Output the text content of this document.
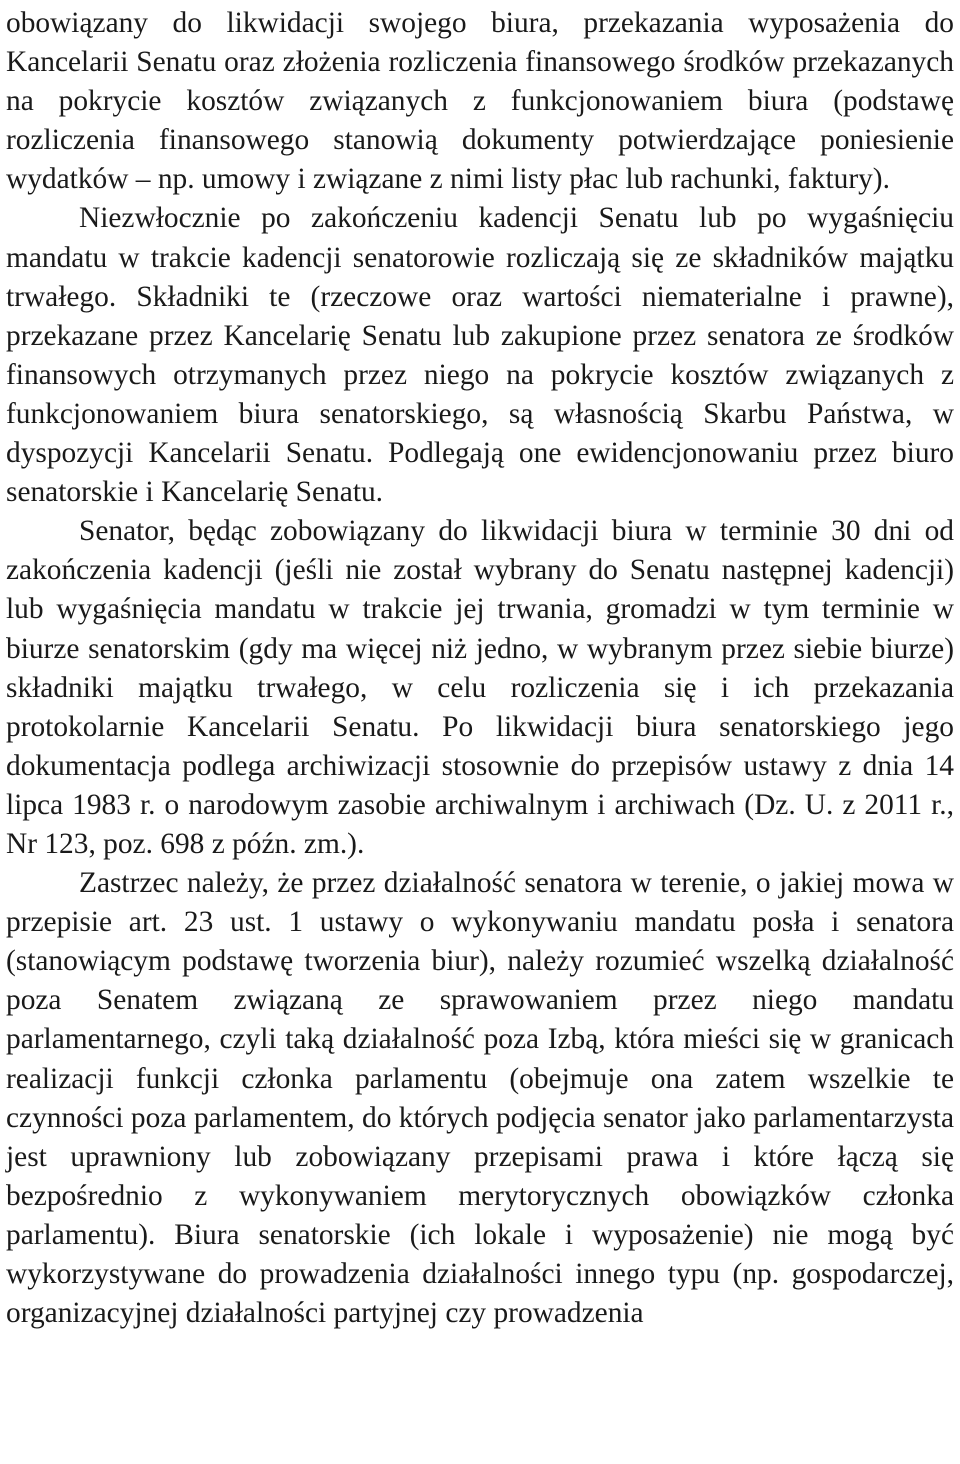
obowiązany do likwidacji swojego biura, przekazania wyposażenia do Kancelarii Senatu oraz złożenia rozliczenia finansowego środków przekazanych na pokrycie kosztów związanych z funkcjonowaniem biura (podstawę rozliczenia finansowego stanowią dokumenty potwierdzające poniesienie wydatków – np. umowy i związane z nimi listy płac lub rachunki, faktury).

Niezwłocznie po zakończeniu kadencji Senatu lub po wygaśnięciu mandatu w trakcie kadencji senatorowie rozliczają się ze składników majątku trwałego. Składniki te (rzeczowe oraz wartości niematerialne i prawne), przekazane przez Kancelarię Senatu lub zakupione przez senatora ze środków finansowych otrzymanych przez niego na pokrycie kosztów związanych z funkcjonowaniem biura senatorskiego, są własnością Skarbu Państwa, w dyspozycji Kancelarii Senatu. Podlegają one ewidencjonowaniu przez biuro senatorskie i Kancelarię Senatu.

Senator, będąc zobowiązany do likwidacji biura w terminie 30 dni od zakończenia kadencji (jeśli nie został wybrany do Senatu następnej kadencji) lub wygaśnięcia mandatu w trakcie jej trwania, gromadzi w tym terminie w biurze senatorskim (gdy ma więcej niż jedno, w wybranym przez siebie biurze) składniki majątku trwałego, w celu rozliczenia się i ich przekazania protokolarnie Kancelarii Senatu. Po likwidacji biura senatorskiego jego dokumentacja podlega archiwizacji stosownie do przepisów ustawy z dnia 14 lipca 1983 r. o narodowym zasobie archiwalnym i archiwach (Dz. U. z 2011 r., Nr 123, poz. 698 z późn. zm.).

Zastrzec należy, że przez działalność senatora w terenie, o jakiej mowa w przepisie art. 23 ust. 1 ustawy o wykonywaniu mandatu posła i senatora (stanowiącym podstawę tworzenia biur), należy rozumieć wszelką działalność poza Senatem związaną ze sprawowaniem przez niego mandatu parlamentarnego, czyli taką działalność poza Izbą, która mieści się w granicach realizacji funkcji członka parlamentu (obejmuje ona zatem wszelkie te czynności poza parlamentem, do których podjęcia senator jako parlamentarzysta jest uprawniony lub zobowiązany przepisami prawa i które łączą się bezpośrednio z wykonywaniem merytorycznych obowiązków członka parlamentu). Biura senatorskie (ich lokale i wyposażenie) nie mogą być wykorzystywane do prowadzenia działalności innego typu (np. gospodarczej, organizacyjnej działalności partyjnej czy prowadzenia
